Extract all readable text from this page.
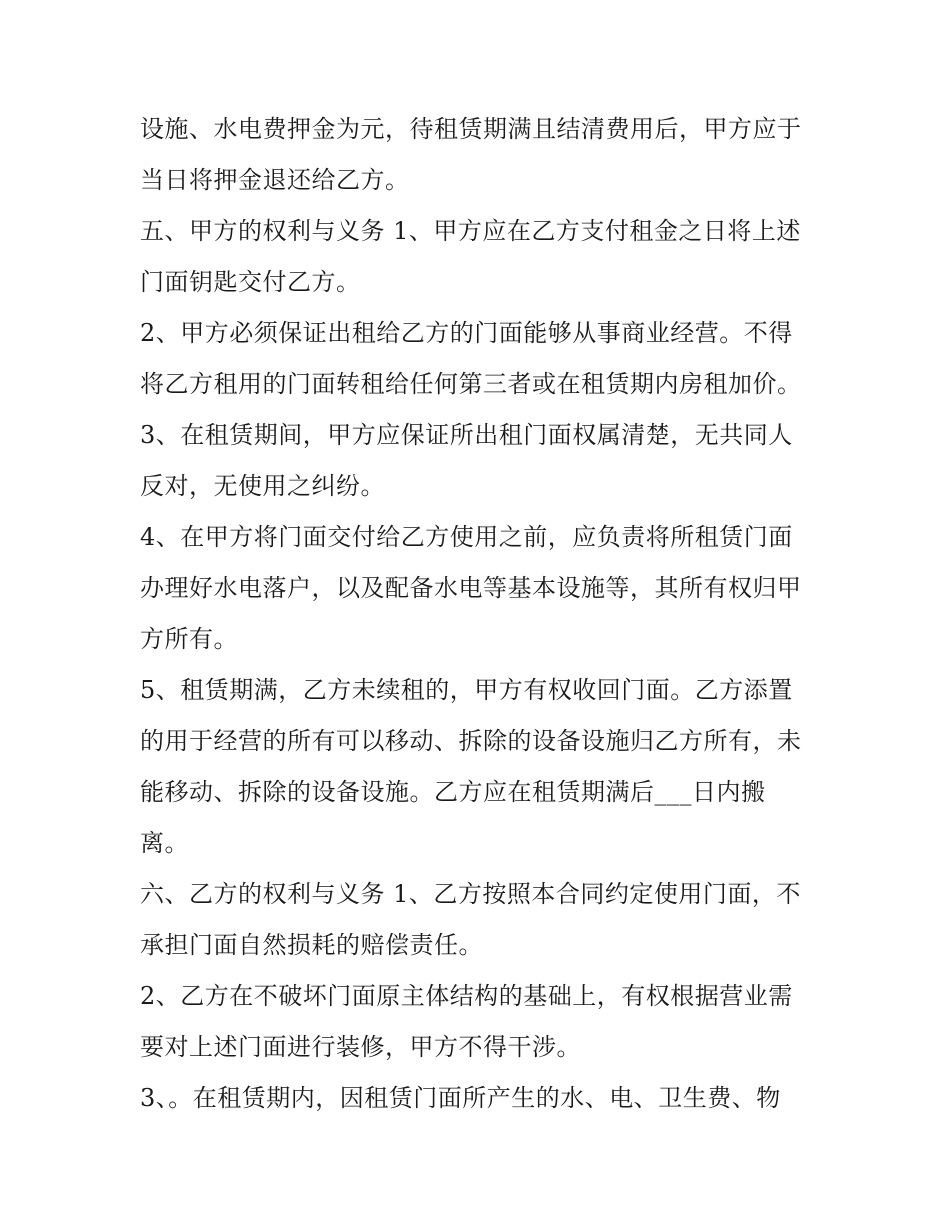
设施、水电费押金为元，待租赁期满且结清费用后，甲方应于
当日将押金退还给乙方。
五、甲方的权利与义务 1、甲方应在乙方支付租金之日将上述
门面钥匙交付乙方。
2、甲方必须保证出租给乙方的门面能够从事商业经营。不得
将乙方租用的门面转租给任何第三者或在租赁期内房租加价。
3、在租赁期间，甲方应保证所出租门面权属清楚，无共同人
反对，无使用之纠纷。
4、在甲方将门面交付给乙方使用之前，应负责将所租赁门面
办理好水电落户，以及配备水电等基本设施等，其所有权归甲
方所有。
5、租赁期满，乙方未续租的，甲方有权收回门面。乙方添置
的用于经营的所有可以移动、拆除的设备设施归乙方所有，未
能移动、拆除的设备设施。乙方应在租赁期满后___日内搬
离。
六、乙方的权利与义务 1、乙方按照本合同约定使用门面，不
承担门面自然损耗的赔偿责任。
2、乙方在不破坏门面原主体结构的基础上，有权根据营业需
要对上述门面进行装修，甲方不得干涉。
3、。在租赁期内，因租赁门面所产生的水、电、卫生费、物
